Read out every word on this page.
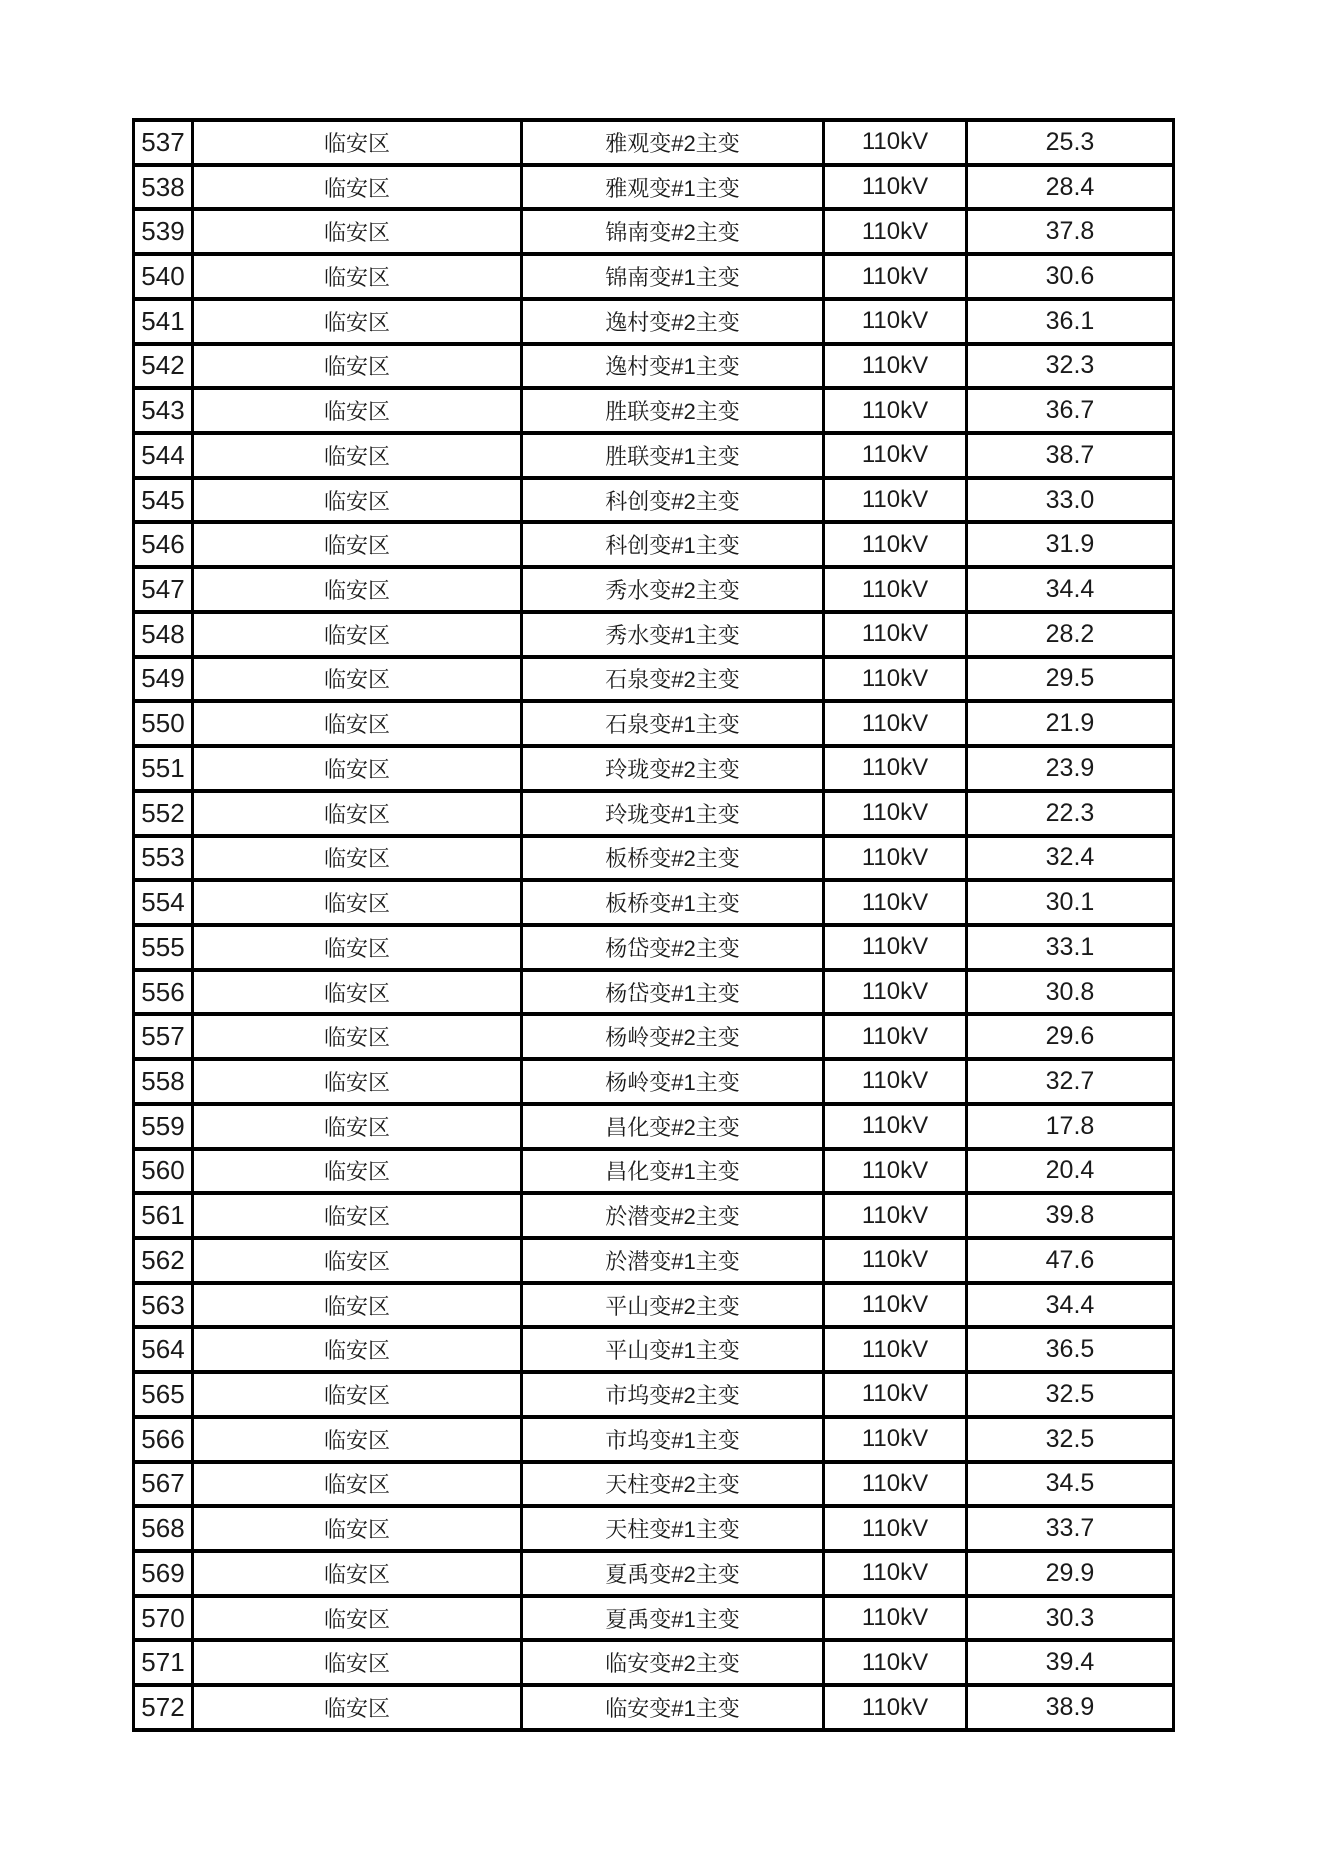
537	临安区	雅观变#2主变	110kV	25.3
538	临安区	雅观变#1主变	110kV	28.4
539	临安区	锦南变#2主变	110kV	37.8
540	临安区	锦南变#1主变	110kV	30.6
541	临安区	逸村变#2主变	110kV	36.1
542	临安区	逸村变#1主变	110kV	32.3
543	临安区	胜联变#2主变	110kV	36.7
544	临安区	胜联变#1主变	110kV	38.7
545	临安区	科创变#2主变	110kV	33.0
546	临安区	科创变#1主变	110kV	31.9
547	临安区	秀水变#2主变	110kV	34.4
548	临安区	秀水变#1主变	110kV	28.2
549	临安区	石泉变#2主变	110kV	29.5
550	临安区	石泉变#1主变	110kV	21.9
551	临安区	玲珑变#2主变	110kV	23.9
552	临安区	玲珑变#1主变	110kV	22.3
553	临安区	板桥变#2主变	110kV	32.4
554	临安区	板桥变#1主变	110kV	30.1
555	临安区	杨岱变#2主变	110kV	33.1
556	临安区	杨岱变#1主变	110kV	30.8
557	临安区	杨岭变#2主变	110kV	29.6
558	临安区	杨岭变#1主变	110kV	32.7
559	临安区	昌化变#2主变	110kV	17.8
560	临安区	昌化变#1主变	110kV	20.4
561	临安区	於潜变#2主变	110kV	39.8
562	临安区	於潜变#1主变	110kV	47.6
563	临安区	平山变#2主变	110kV	34.4
564	临安区	平山变#1主变	110kV	36.5
565	临安区	市坞变#2主变	110kV	32.5
566	临安区	市坞变#1主变	110kV	32.5
567	临安区	天柱变#2主变	110kV	34.5
568	临安区	天柱变#1主变	110kV	33.7
569	临安区	夏禹变#2主变	110kV	29.9
570	临安区	夏禹变#1主变	110kV	30.3
571	临安区	临安变#2主变	110kV	39.4
572	临安区	临安变#1主变	110kV	38.9
